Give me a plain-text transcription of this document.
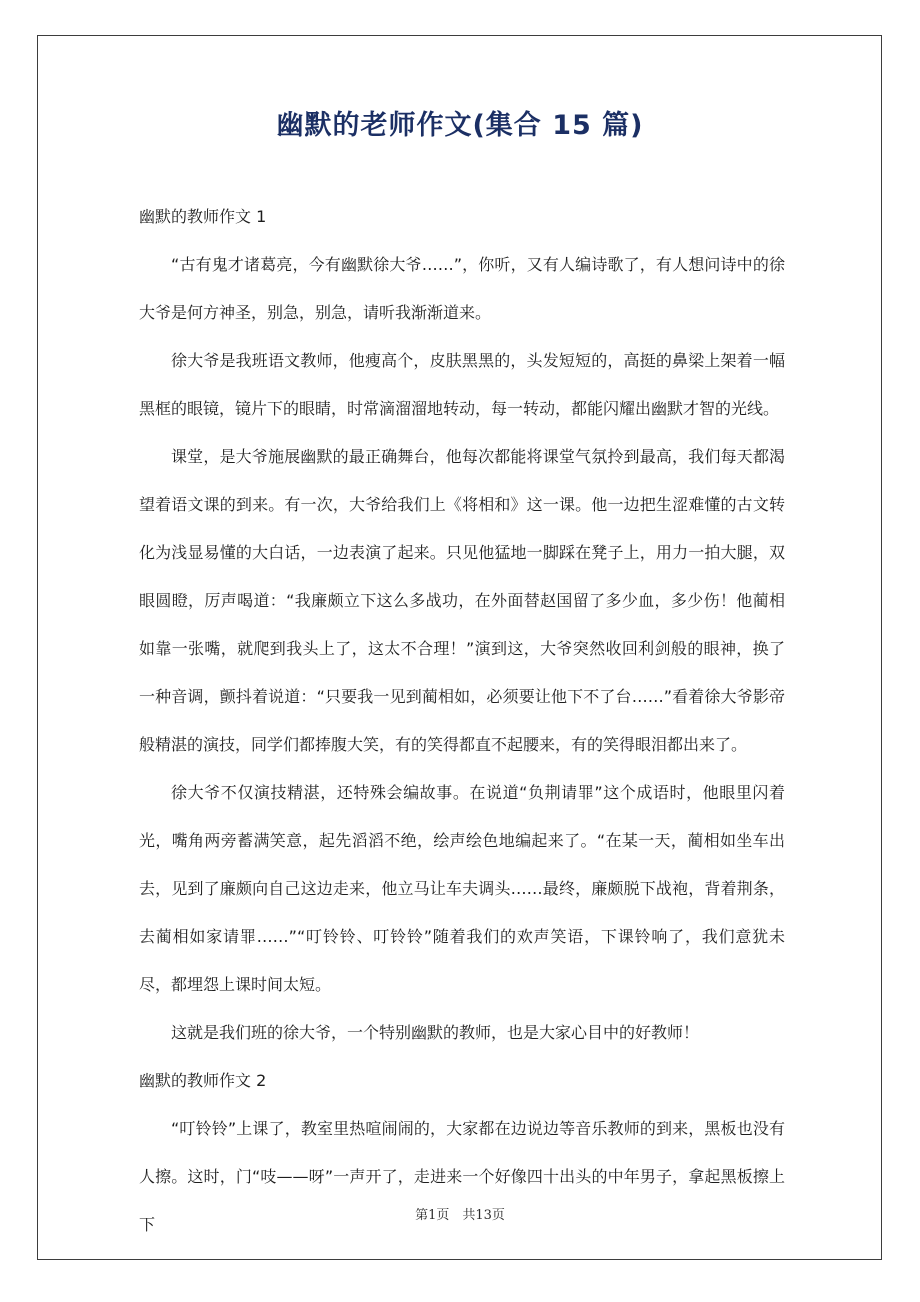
幽默的老师作文(集合 15 篇)
幽默的教师作文 1

“古有鬼才诸葛亮，今有幽默徐大爷……”，你听，又有人编诗歌了，有人想问诗中的徐大爷是何方神圣，别急，别急，请听我渐渐道来。

徐大爷是我班语文教师，他瘦高个，皮肤黑黑的，头发短短的，高挺的鼻梁上架着一幅黑框的眼镜，镜片下的眼睛，时常滴溜溜地转动，每一转动，都能闪耀出幽默才智的光线。

课堂，是大爷施展幽默的最正确舞台，他每次都能将课堂气氛拎到最高，我们每天都渴望着语文课的到来。有一次，大爷给我们上《将相和》这一课。他一边把生涩难懂的古文转化为浅显易懂的大白话，一边表演了起来。只见他猛地一脚踩在凳子上，用力一拍大腿，双眼圆瞪，厉声喝道：“我廉颇立下这么多战功，在外面替赵国留了多少血，多少伤！他蔺相如靠一张嘴，就爬到我头上了，这太不合理！”演到这，大爷突然收回利剑般的眼神，换了一种音调，颤抖着说道：“只要我一见到蔺相如，必须要让他下不了台……”看着徐大爷影帝般精湛的演技，同学们都捧腹大笑，有的笑得都直不起腰来，有的笑得眼泪都出来了。

徐大爷不仅演技精湛，还特殊会编故事。在说道“负荆请罪”这个成语时，他眼里闪着光，嘴角两旁蓄满笑意，起先滔滔不绝，绘声绘色地编起来了。“在某一天，蔺相如坐车出去，见到了廉颇向自己这边走来，他立马让车夫调头……最终，廉颇脱下战袍，背着荆条，去蔺相如家请罪……”“叮铃铃、叮铃铃”随着我们的欢声笑语，下课铃响了，我们意犹未尽，都埋怨上课时间太短。

这就是我们班的徐大爷，一个特别幽默的教师，也是大家心目中的好教师！

幽默的教师作文 2

“叮铃铃”上课了，教室里热喧闹闹的，大家都在边说边等音乐教师的到来，黑板也没有人擦。这时，门“吱——呀”一声开了，走进来一个好像四十出头的中年男子，拿起黑板擦上下	第1页　共13页
